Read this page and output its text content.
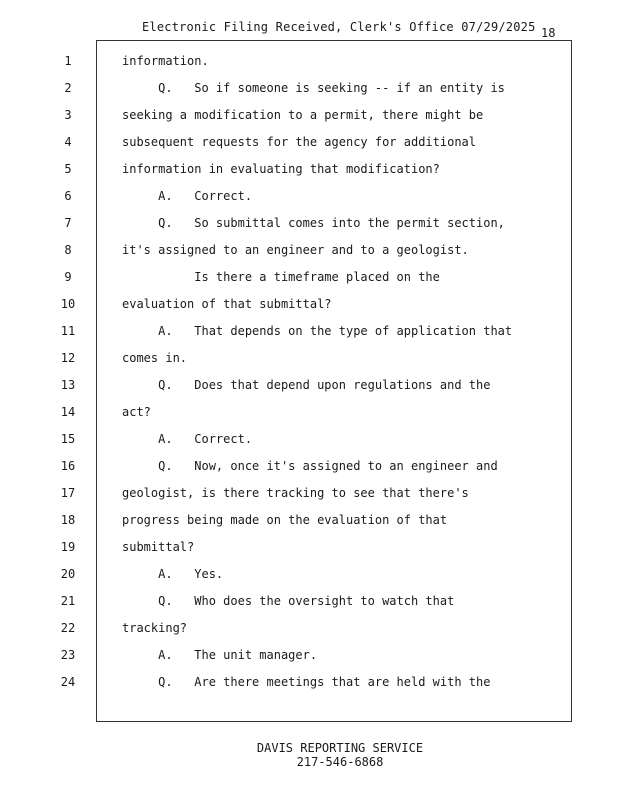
Electronic Filing Received, Clerk's Office 07/29/2025 18
1	information.
2	Q.   So if someone is seeking -- if an entity is
3	seeking a modification to a permit, there might be
4	subsequent requests for the agency for additional
5	information in evaluating that modification?
6	A.   Correct.
7	Q.   So submittal comes into the permit section,
8	it's assigned to an engineer and to a geologist.
9	Is there a timeframe placed on the
10	evaluation of that submittal?
11	A.   That depends on the type of application that
12	comes in.
13	Q.   Does that depend upon regulations and the
14	act?
15	A.   Correct.
16	Q.   Now, once it's assigned to an engineer and
17	geologist, is there tracking to see that there's
18	progress being made on the evaluation of that
19	submittal?
20	A.   Yes.
21	Q.   Who does the oversight to watch that
22	tracking?
23	A.   The unit manager.
24	Q.   Are there meetings that are held with the
DAVIS REPORTING SERVICE
217-546-6868
